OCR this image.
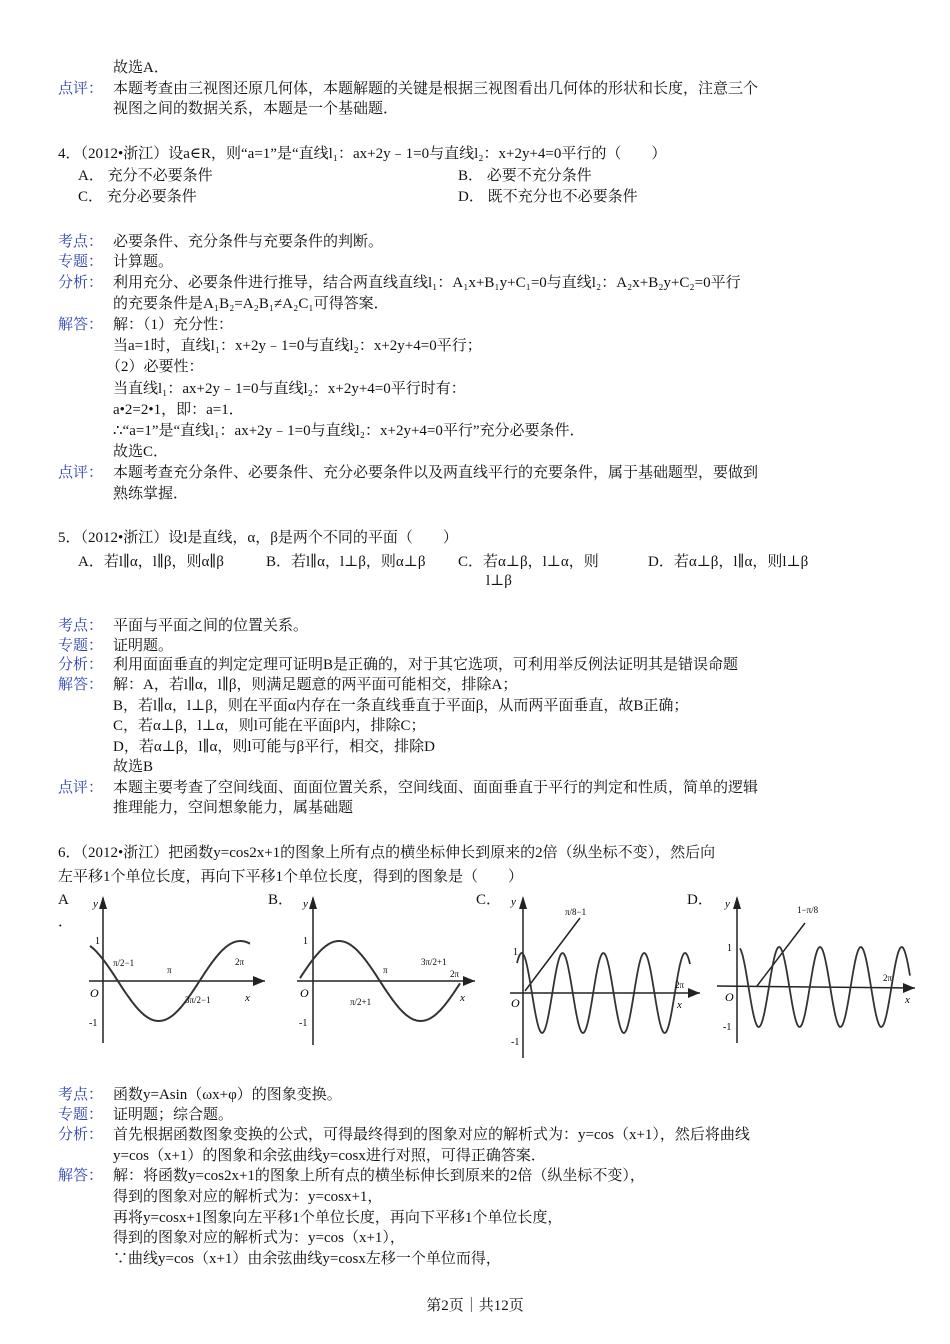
故选A．
点评： 本题考查由三视图还原几何体，本题解题的关键是根据三视图看出几何体的形状和长度，注意三个
视图之间的数据关系，本题是一个基础题．
4．（2012•浙江）设a∈R，则“a=1”是“直线l₁：ax+2y﹣1=0与直线l₂：x+2y+4=0平行的（　　）
A． 充分不必要条件	B． 必要不充分条件
C． 充分必要条件	D． 既不充分也不必要条件
考点： 必要条件、充分条件与充要条件的判断。
专题： 计算题。
分析： 利用充分、必要条件进行推导，结合两直线直线l₁：A₁x+B₁y+C₁=0与直线l₂：A₂x+B₂y+C₂=0平行
的充要条件是A₁B₂=A₂B₁≠A₂C₁可得答案．
解答： 解：（1）充分性：
当a=1时，直线l₁：x+2y﹣1=0与直线l₂：x+2y+4=0平行；
（2）必要性：
当直线l₁：ax+2y﹣1=0与直线l₂：x+2y+4=0平行时有：
a•2=2•1，即：a=1．
∴“a=1”是“直线l₁：ax+2y﹣1=0与直线l₂：x+2y+4=0平行”充分必要条件．
故选C．
点评： 本题考查充分条件、必要条件、充分必要条件以及两直线平行的充要条件，属于基础题型，要做到
熟练掌握．
5．（2012•浙江）设l是直线，α，β是两个不同的平面（　　）
A．若l∥α，l∥β，则α∥β	B．若l∥α，l⊥β，则α⊥β C．若α⊥β，l⊥α，则
l⊥β
D．若α⊥β，l∥α，则l⊥β
考点： 平面与平面之间的位置关系。
专题： 证明题。
分析： 利用面面垂直的判定定理可证明B是正确的，对于其它选项，可利用举反例法证明其是错误命题
解答： 解：A，若l∥α，l∥β，则满足题意的两平面可能相交，排除A；
B，若l∥α，l⊥β，则在平面α内存在一条直线垂直于平面β，从而两平面垂直，故B正确；
C，若α⊥β，l⊥α，则l可能在平面β内，排除C；
D，若α⊥β，l∥α，则l可能与β平行，相交，排除D
故选B
点评： 本题主要考查了空间线面、面面位置关系，空间线面、面面垂直于平行的判定和性质，简单的逻辑
推理能力，空间想象能力，属基础题
6．（2012•浙江）把函数y=cos2x+1的图象上所有点的横坐标伸长到原来的2倍（纵坐标不变），然后向
左平移1个单位长度，再向下平移1个单位长度，得到的图象是（　　）
A
．
B．	C．	D．
y
O	x
1
-1
π/2−1
π
3π/2−1
2π
y
O	x
1
-1
π/2+1
π
3π/2+1
2π
y
O	x
1
-1
π/8−1
2π
y
O	x
1
-1
1−π/8
2π
考点： 函数y=Asin（ωx+φ）的图象变换。
专题： 证明题；综合题。
分析： 首先根据函数图象变换的公式，可得最终得到的图象对应的解析式为：y=cos（x+1），然后将曲线
y=cos（x+1）的图象和余弦曲线y=cosx进行对照，可得正确答案．
解答： 解：将函数y=cos2x+1的图象上所有点的横坐标伸长到原来的2倍（纵坐标不变），
得到的图象对应的解析式为：y=cosx+1，
再将y=cosx+1图象向左平移1个单位长度，再向下平移1个单位长度，
得到的图象对应的解析式为：y=cos（x+1），
∵曲线y=cos（x+1）由余弦曲线y=cosx左移一个单位而得，
第2页｜共12页
